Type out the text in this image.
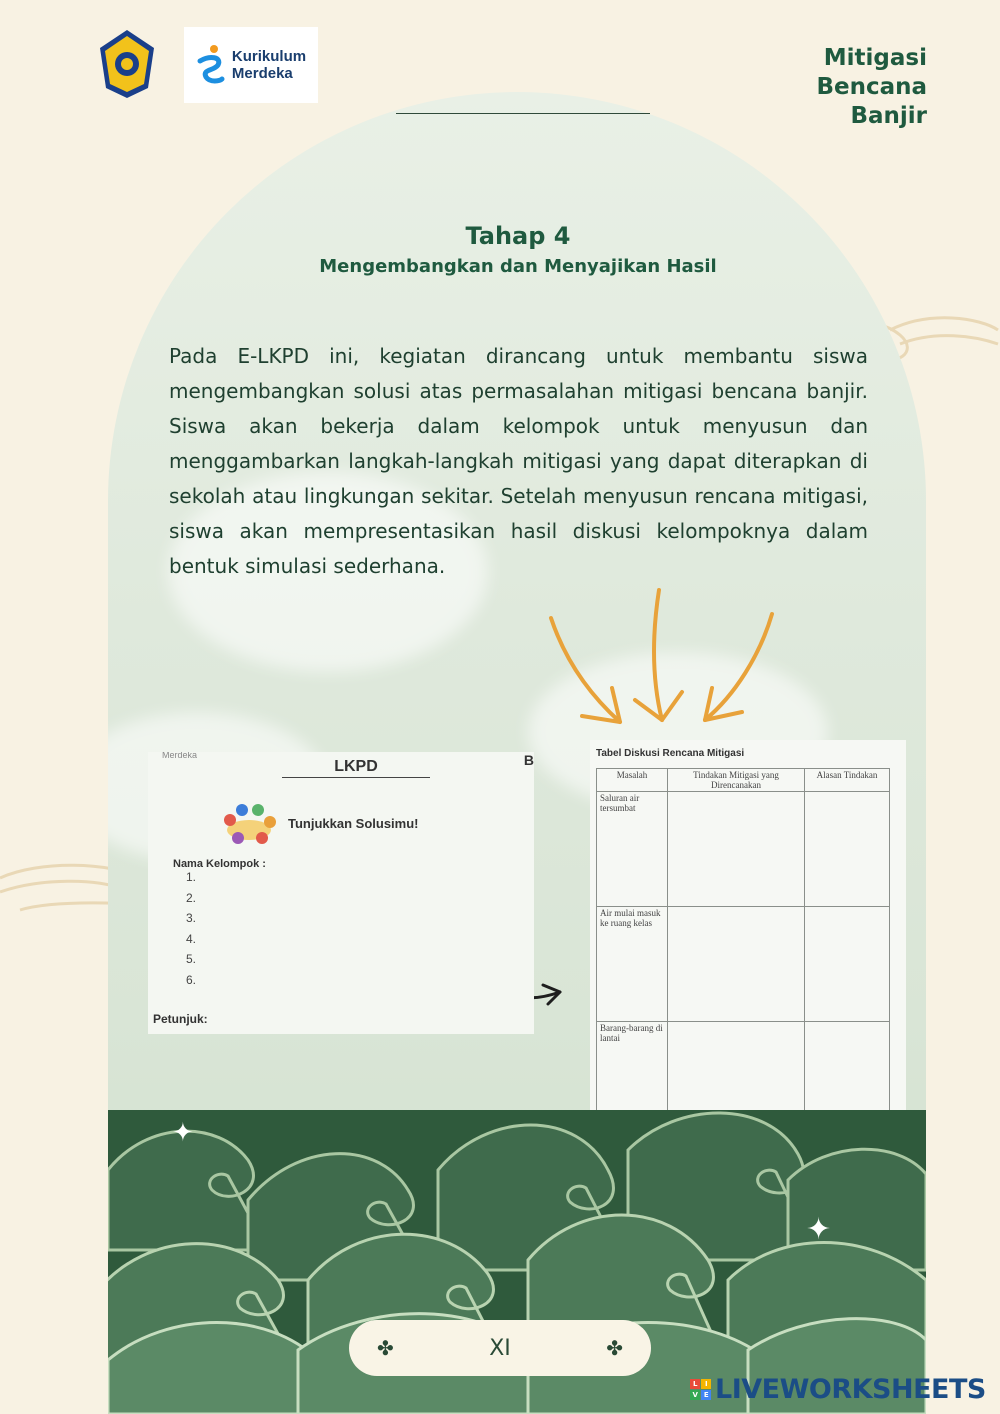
Kurikulum
Merdeka
Mitigasi
Bencana
Banjir
Tahap 4
Mengembangkan dan Menyajikan Hasil
Pada E-LKPD ini, kegiatan dirancang untuk membantu siswa mengembangkan solusi atas permasalahan mitigasi bencana banjir. Siswa akan bekerja dalam kelompok untuk menyusun dan menggambarkan langkah-langkah mitigasi yang dapat diterapkan di sekolah atau lingkungan sekitar. Setelah menyusun rencana mitigasi, siswa akan mempresentasikan hasil diskusi kelompoknya dalam bentuk simulasi sederhana.
Merdeka
LKPD	B
Tunjukkan Solusimu!
Nama Kelompok :
1.
2.
3.
4.
5.
6.
Petunjuk:
Tabel Diskusi Rencana Mitigasi
Masalah	Tindakan Mitigasi yang Direncanakan	Alasan Tindakan
Saluran air tersumbat		
Air mulai masuk ke ruang kelas		
Barang-barang di lantai		
✦
✦
✤	XI	✤
L	I
V E LIVEWORKSHEETS
